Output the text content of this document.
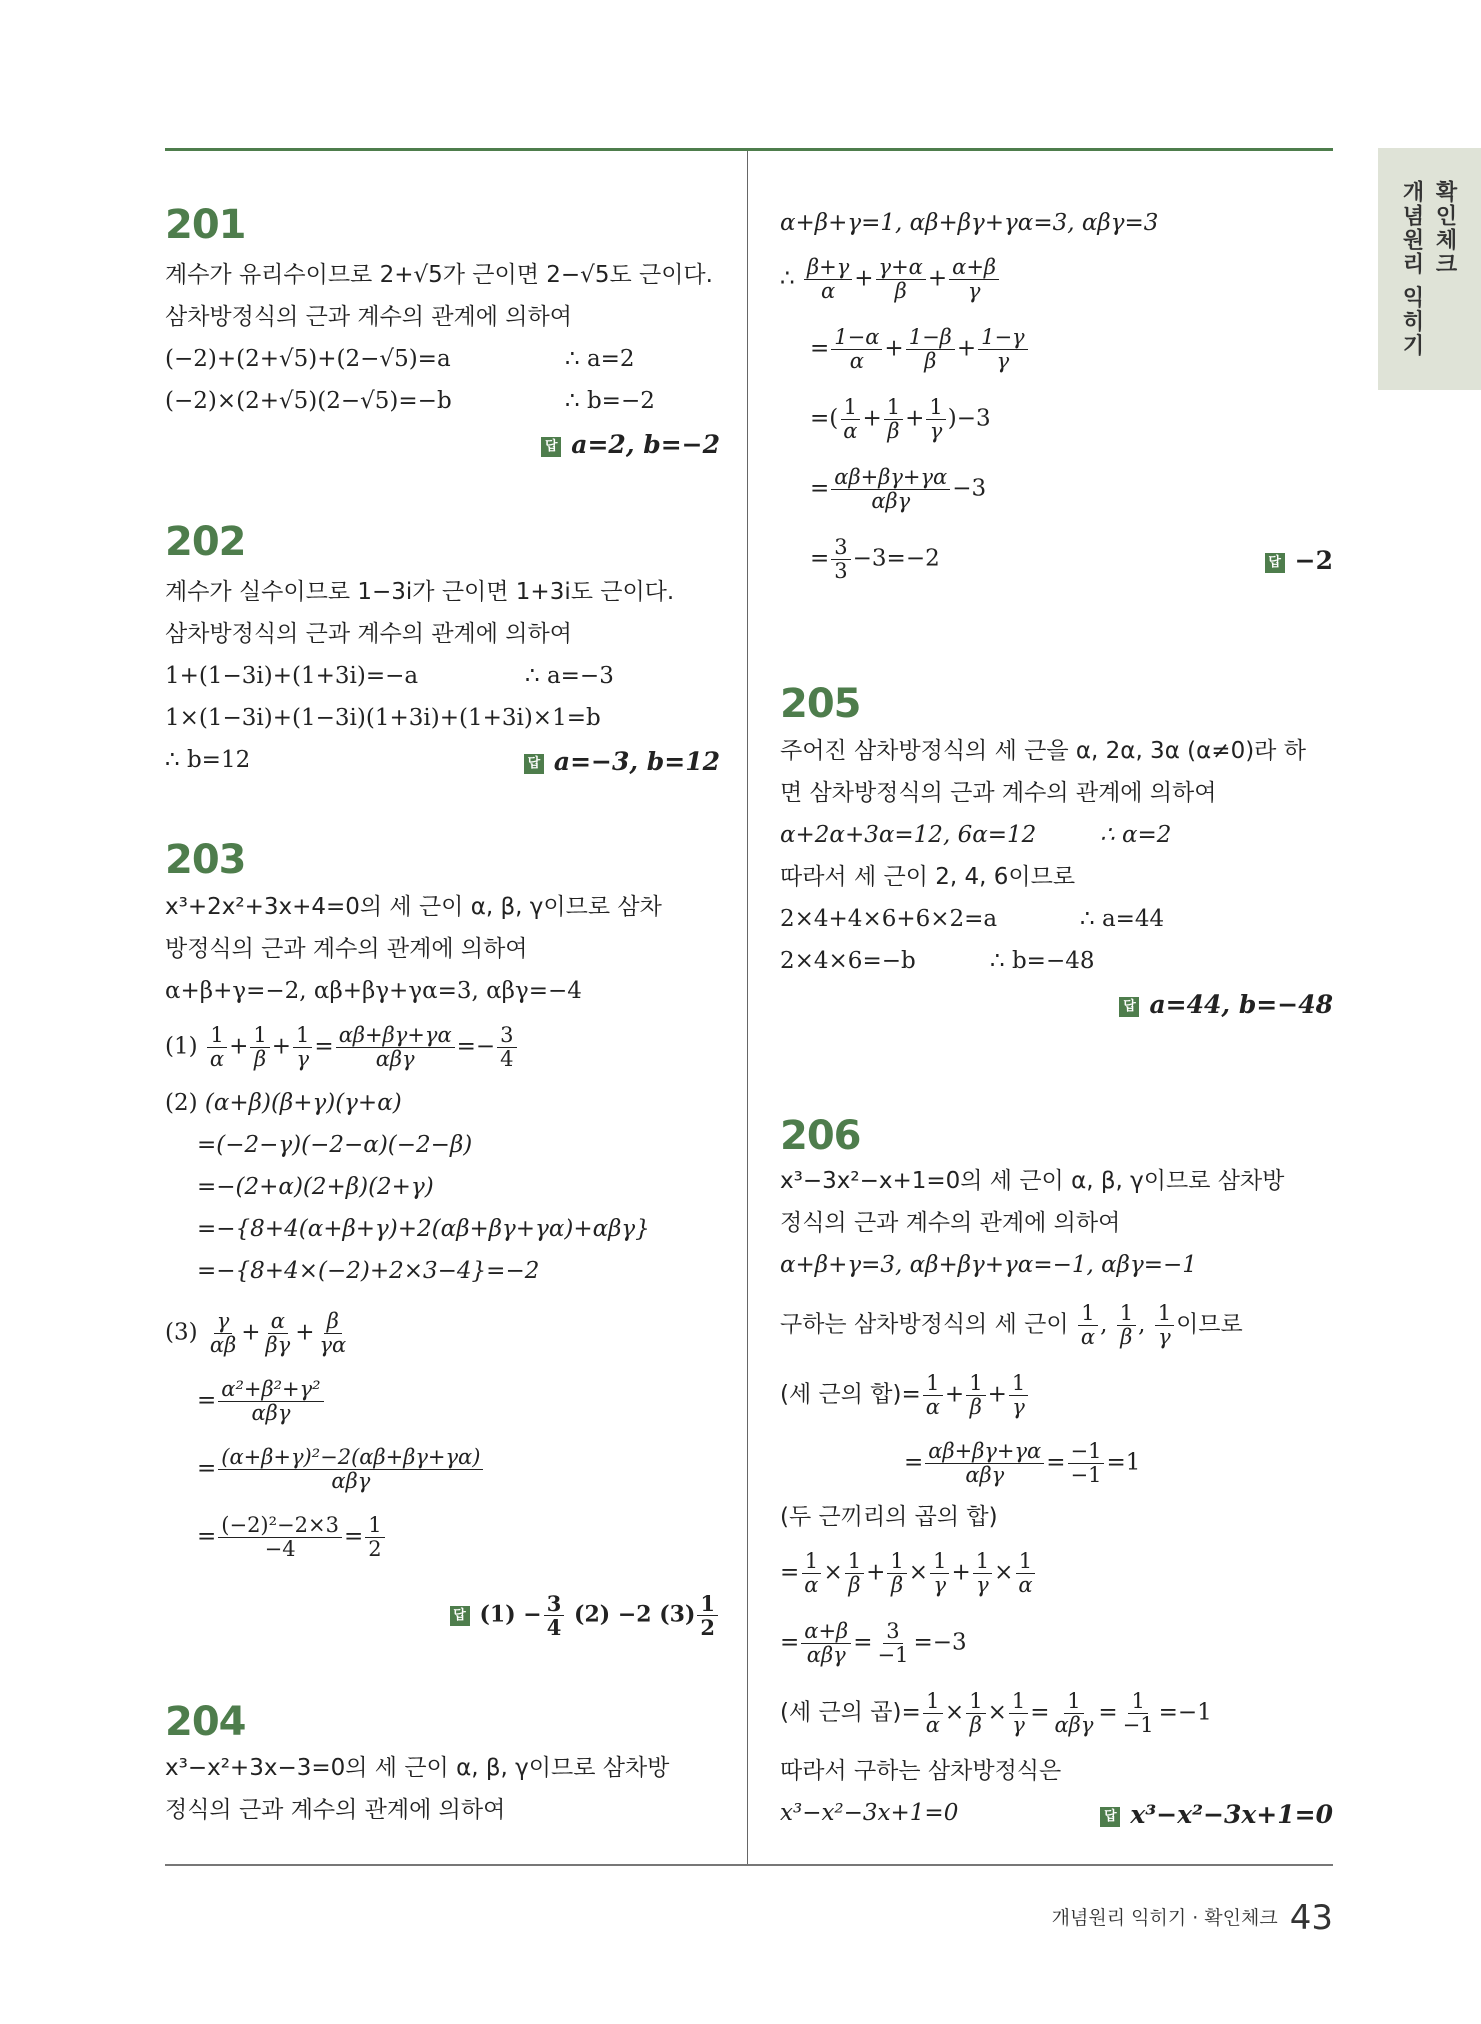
확인체크
개념원리 익히기
201
계수가 유리수이므로 2+√5가 근이면 2−√5도 근이다.
삼차방정식의 근과 계수의 관계에 의하여
(−2)+(2+√5)+(2−√5)=a	∴ a=2
(−2)×(2+√5)(2−√5)=−b	∴ b=−2
답 a=2, b=−2
202
계수가 실수이므로 1−3i가 근이면 1+3i도 근이다.
삼차방정식의 근과 계수의 관계에 의하여
1+(1−3i)+(1+3i)=−a	∴ a=−3
1×(1−3i)+(1−3i)(1+3i)+(1+3i)×1=b
∴ b=12	답 a=−3, b=12
203
x³+2x²+3x+4=0의 세 근이 α, β, γ이므로 삼차
방정식의 근과 계수의 관계에 의하여
α+β+γ=−2, αβ+βγ+γα=3, αβγ=−4
$(1) \frac{1}{\alpha} + \frac{1}{\beta} + \frac{1}{\gamma} = \frac{\alpha\beta+\beta\gamma+\gamma\alpha}{\text{αβγ}} =- \frac{3}{4}$
(2) (α+β)(β+γ)(γ+α)
=(−2−γ)(−2−α)(−2−β)
=−(2+α)(2+β)(2+γ)
=−{8+4(α+β+γ)+2(αβ+βγ+γα)+αβγ}
=−{8+4×(−2)+2×3−4}=−2
$(3) \frac{\gamma}{\alpha\beta} + \frac{\alpha}{\beta\gamma} + \frac{\beta}{\gamma\alpha}$
= $\frac{\text{α²+β²+γ²}}{\text{αβγ}}$
= $\frac{\text{(α+β+γ)²−2(αβ+βγ+γα)}}{\text{αβγ}}$
= $\frac{\text{(−2)²−2×3}}{-4} = \frac{1}{2}$
답 $(1) - \frac{3}{4} (2) -2$ $(3) \frac{1}{2}$
204
x³−x²+3x−3=0의 세 근이 α, β, γ이므로 삼차방
정식의 근과 계수의 관계에 의하여
α+β+γ=1, αβ+βγ+γα=3, αβγ=3
∴ $\frac{\beta+\gamma}{\alpha} + \frac{\gamma+\alpha}{\beta} + \frac{\alpha+\beta}{\gamma}$
= $\frac{1-\alpha}{\alpha} + \frac{1-\beta}{\beta} + \frac{1-\gamma}{\gamma}$
=( $\frac{1}{\alpha} + \frac{1}{\beta} + \frac{1}{\gamma} )-3$
= $\frac{\alpha\beta+\beta\gamma+\gamma\alpha}{\text{αβγ}} -3$
= $\frac{3}{3} -3=-2$	답 −2
205
주어진 삼차방정식의 세 근을 α, 2α, 3α (α≠0)라 하
면 삼차방정식의 근과 계수의 관계에 의하여
α+2α+3α=12, 6α=12	∴ α=2
따라서 세 근이 2, 4, 6이므로
2×4+4×6+6×2=a	∴ a=44
2×4×6=−b	∴ b=−48
답 a=44, b=−48
206
x³−3x²−x+1=0의 세 근이 α, β, γ이므로 삼차방
정식의 근과 계수의 관계에 의하여
α+β+γ=3, αβ+βγ+γα=−1, αβγ=−1
구하는 삼차방정식의 세 근이 $\frac{1}{\alpha}$ , $\frac{1}{\beta}$ , $\frac{1}{\gamma}$ 이므로
(세 근의 합)= $\frac{1}{\alpha} + \frac{1}{\beta} + \frac{1}{\gamma}$
= $\frac{\alpha\beta+\beta\gamma+\gamma\alpha}{\text{αβγ}} = \frac{-1}{-1} =1$
(두 근끼리의 곱의 합)
= $\frac{1}{\alpha} \times \frac{1}{\beta} + \frac{1}{\beta} \times \frac{1}{\gamma} + \frac{1}{\gamma} \times \frac{1}{\alpha}$
= $\frac{\alpha+\beta}{\text{αβγ}} = \frac{3}{-1} =-3$
(세 근의 곱)= $\frac{1}{\alpha} \times \frac{1}{\beta} \times \frac{1}{\gamma} = \frac{1}{\text{αβγ}} = \frac{1}{-1} =-1$
따라서 구하는 삼차방정식은
x³−x²−3x+1=0	답 x³−x²−3x+1=0
개념원리 익히기 · 확인체크 43
